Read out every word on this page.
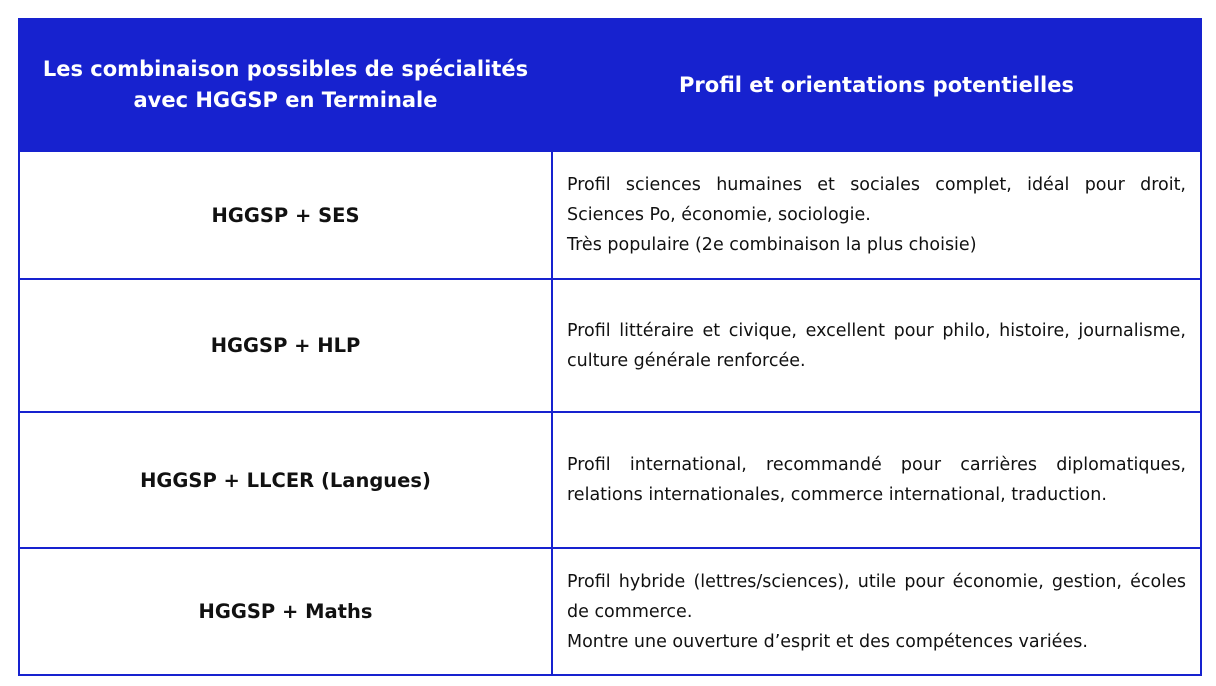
Les combinaison possibles de spécialités avec HGGSP en Terminale	Profil et orientations potentielles
HGGSP + SES	Profil sciences humaines et sociales complet, idéal pour droit, Sciences Po, économie, sociologie.
Très populaire (2e combinaison la plus choisie)

HGGSP + HLP	Profil littéraire et civique, excellent pour philo, histoire, journalisme, culture générale renforcée.

HGGSP + LLCER (Langues)	Profil international, recommandé pour carrières diplomatiques, relations internationales, commerce international, traduction.

HGGSP + Maths	Profil hybride (lettres/sciences), utile pour économie, gestion, écoles de commerce.
Montre une ouverture d’esprit et des compétences variées.
